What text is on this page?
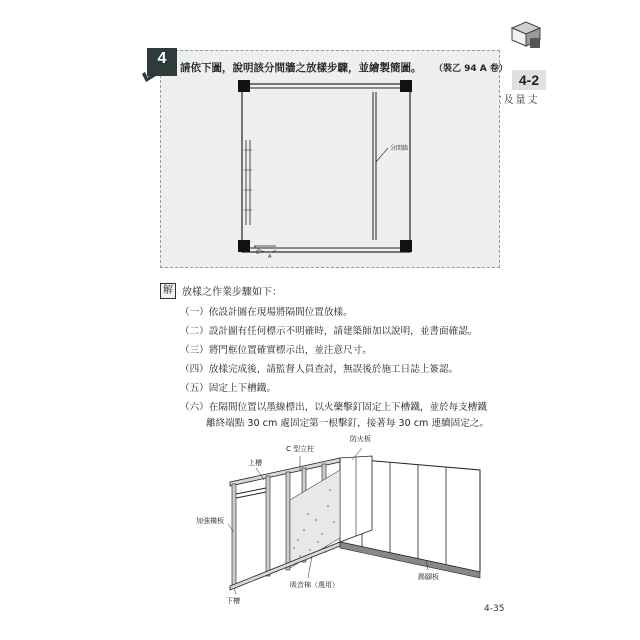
4-2
丈量及
4
請依下圖，說明該分間牆之放樣步驟，並繪製簡圖。 （裝乙 94 A 卷）
C
A
分間牆
解 放樣之作業步驟如下：
（一）依設計圖在現場將隔間位置放樣。
（二）設計圖有任何標示不明確時，請建築師加以說明，並書面確認。
（三）將門框位置確實標示出，並注意尺寸。
（四）放樣完成後，請監督人員查討，無誤後於施工日誌上簽認。
（五）固定上下槽鐵。
（六）在隔間位置以墨線標出，以火藥擊釘固定上下槽鐵，並於每支槽鐵
離終端點 30 cm 處固定第一根擊釘，接著每 30 cm 連續固定之。
防火板
C 型立柱
上槽
加強橫板
吸音棉（選用）
踢腳板
下槽
4-35
